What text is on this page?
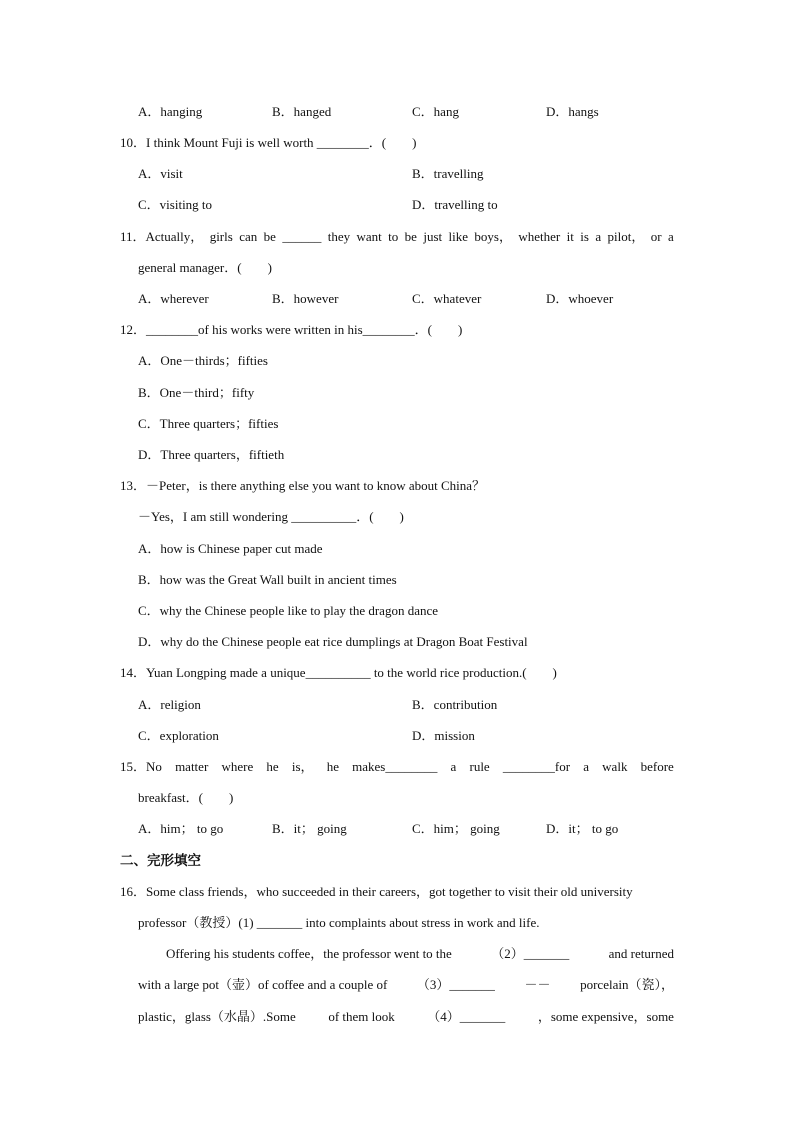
A．hanging	B．hanged	C．hang	D．hangs
10．I think Mount Fuji is well worth ________．(　　)
A．visit	B．travelling
C．visiting to	D．travelling to
11．Actually， girls can be ______ they want to be just like boys， whether it is a pilot， or a
general manager．(　　)
A．wherever	B．however	C．whatever	D．whoever
12．________of his works were written in his________．(　　)
A．One－thirds；fifties
B．One－third；fifty
C．Three quarters；fifties
D．Three quarters，fiftieth
13．－Peter，is there anything else you want to know about China？
－Yes，I am still wondering __________．(　　)
A．how is Chinese paper cut made
B．how was the Great Wall built in ancient times
C．why the Chinese people like to play the dragon dance
D．why do the Chinese people eat rice dumplings at Dragon Boat Festival
14．Yuan Longping made a unique__________ to the world rice production.(　　)
A．religion	B．contribution
C．exploration	D．mission
15．No matter where he is， he makes________ a rule ________for a walk before
breakfast．(　　)
A．him； to go	B．it； going	C．him； going	D．it； to go
二、完形填空
16．Some class friends，who succeeded in their careers，got together to visit their old university
professor（教授）(1) _______ into complaints about stress in work and life.
Offering his students coffee，the professor went to the	（2）_______	and returned
with a large pot（壶）of coffee and a couple of （3）_______ －－ porcelain（瓷），
plastic，glass（水晶）.Some	of them look	（4）_______	，some expensive，some
